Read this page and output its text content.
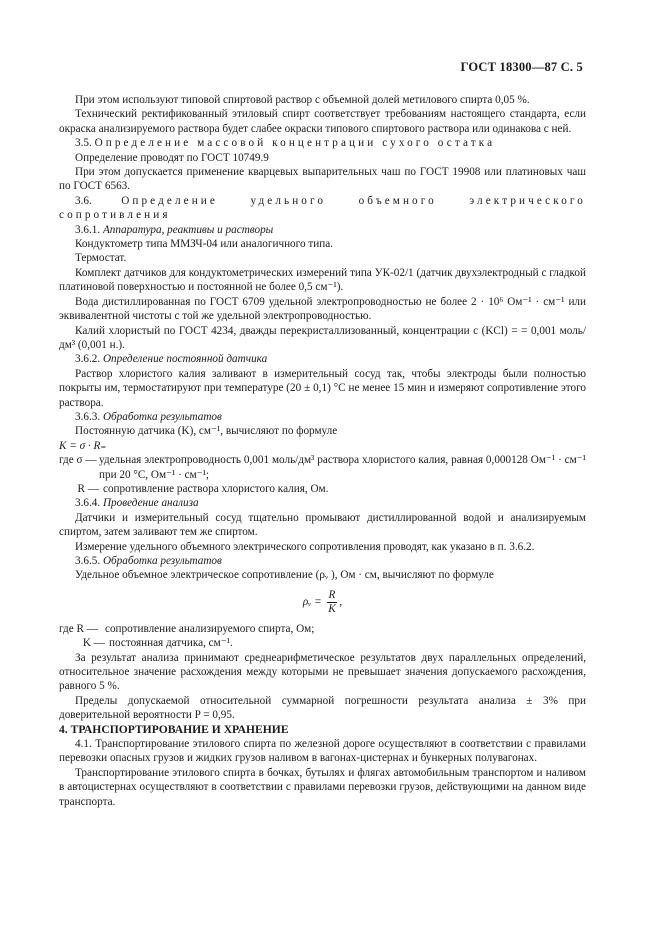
ГОСТ 18300—87 С. 5

При этом используют типовой спиртовой раствор с объемной долей метилового спирта 0,05 %.

Технический ректификованный этиловый спирт соответствует требованиям настоящего стандарта, если окраска анализируемого раствора будет слабее окраски типового спиртового раствора или одинакова с ней.

3.5. Определение массовой концентрации сухого остатка

Определение проводят по ГОСТ 10749.9

При этом допускается применение кварцевых выпарительных чаш по ГОСТ 19908 или платиновых чаш по ГОСТ 6563.

3.6.	Определение удельного объемного электрического сопротивления

3.6.1. Аппаратура, реактивы и растворы

Кондуктометр типа ММЗЧ-04 или аналогичного типа.

Термостат.

Комплект датчиков для кондуктометрических измерений типа УК-02/1 (датчик двухэлектродный с гладкой платиновой поверхностью и постоянной не более 0,5 см⁻¹).

Вода дистиллированная по ГОСТ 6709 удельной электропроводностью не более 2 · 10⁶ Ом⁻¹ · см⁻¹ или эквивалентной чистоты с той же удельной электропроводностью.

Калий хлористый по ГОСТ 4234, дважды перекристаллизованный, концентрации c (KCl) = = 0,001 моль/дм³ (0,001 н.).

3.6.2. Определение постоянной датчика

Раствор хлористого калия заливают в измерительный сосуд так, чтобы электроды были полностью покрыты им, термостатируют при температуре (20 ± 0,1) °С не менее 15 мин и измеряют сопротивление этого раствора.

3.6.3. Обработка результатов

Постоянную датчика (K), см⁻¹, вычисляют по формуле

K = σ · R₌

где σ — удельная электропроводность 0,001 моль/дм³ раствора хлористого калия, равная 0,000128 Ом⁻¹ · см⁻¹ при 20 °С, Ом⁻¹ · см⁻¹;
R — сопротивление раствора хлористого калия, Ом.

3.6.4. Проведение анализа

Датчики и измерительный сосуд тщательно промывают дистиллированной водой и анализируемым спиртом, затем заливают тем же спиртом.

Измерение удельного объемного электрического сопротивления проводят, как указано в п. 3.6.2.

3.6.5. Обработка результатов

Удельное объемное электрическое сопротивление (ρᵥ ), Ом · см, вычисляют по формуле

ρᵥ = $\frac{R}{K}$ ,
где R — сопротивление анализируемого спирта, Ом;
K — постоянная датчика, см⁻¹.

За результат анализа принимают среднеарифметическое результатов двух параллельных определений, относительное значение расхождения между которыми не превышает значения допускаемого расхождения, равного 5 %.

Пределы допускаемой относительной суммарной погрешности результата анализа ± 3% при доверительной вероятности P = 0,95.

4. ТРАНСПОРТИРОВАНИЕ И ХРАНЕНИЕ

4.1. Транспортирование этилового спирта по железной дороге осуществляют в соответствии с правилами перевозки опасных грузов и жидких грузов наливом в вагонах-цистернах и бункерных полувагонах.

Транспортирование этилового спирта в бочках, бутылях и флягах автомобильным транспортом и наливом в автоцистернах осуществляют в соответствии с правилами перевозки грузов, действующими на данном виде транспорта.
